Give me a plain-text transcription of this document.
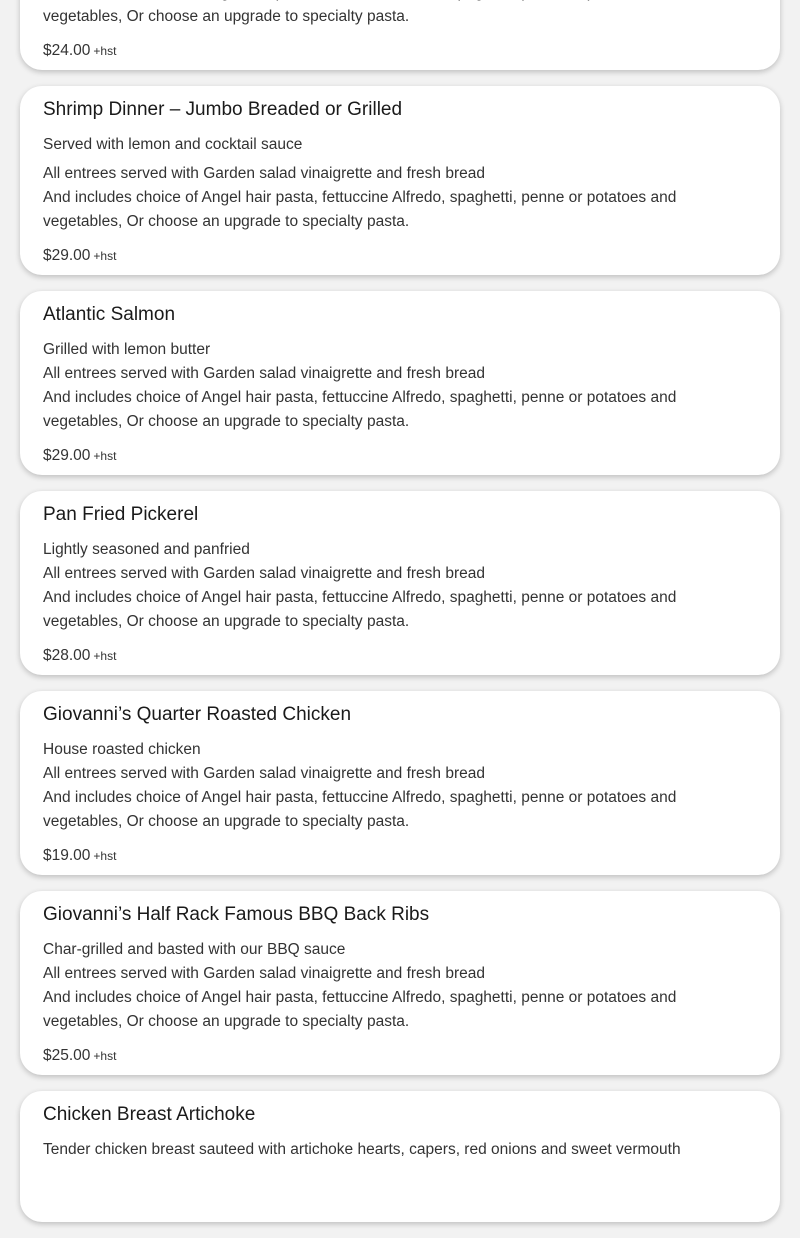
vegetables, Or choose an upgrade to specialty pasta.
$24.00 +hst
Shrimp Dinner – Jumbo Breaded or Grilled
Served with lemon and cocktail sauce
All entrees served with Garden salad vinaigrette and fresh bread
And includes choice of Angel hair pasta, fettuccine Alfredo, spaghetti, penne or potatoes and
vegetables, Or choose an upgrade to specialty pasta.
$29.00 +hst
Atlantic Salmon
Grilled with lemon butter
All entrees served with Garden salad vinaigrette and fresh bread
And includes choice of Angel hair pasta, fettuccine Alfredo, spaghetti, penne or potatoes and
vegetables, Or choose an upgrade to specialty pasta.
$29.00 +hst
Pan Fried Pickerel
Lightly seasoned and panfried
All entrees served with Garden salad vinaigrette and fresh bread
And includes choice of Angel hair pasta, fettuccine Alfredo, spaghetti, penne or potatoes and
vegetables, Or choose an upgrade to specialty pasta.
$28.00 +hst
Giovanni’s Quarter Roasted Chicken
House roasted chicken
All entrees served with Garden salad vinaigrette and fresh bread
And includes choice of Angel hair pasta, fettuccine Alfredo, spaghetti, penne or potatoes and
vegetables, Or choose an upgrade to specialty pasta.
$19.00 +hst
Giovanni’s Half Rack Famous BBQ Back Ribs
Char-grilled and basted with our BBQ sauce
All entrees served with Garden salad vinaigrette and fresh bread
And includes choice of Angel hair pasta, fettuccine Alfredo, spaghetti, penne or potatoes and
vegetables, Or choose an upgrade to specialty pasta.
$25.00 +hst
Chicken Breast Artichoke
Tender chicken breast sauteed with artichoke hearts, capers, red onions and sweet vermouth
